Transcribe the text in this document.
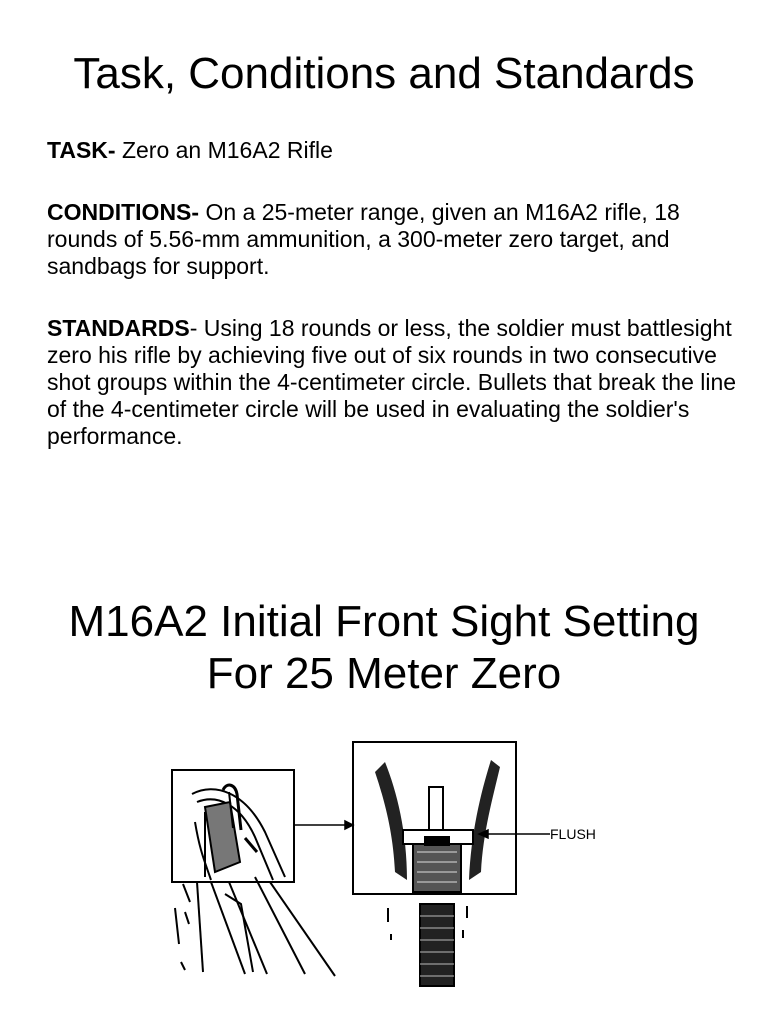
Task, Conditions and Standards

TASK- Zero an M16A2 Rifle

CONDITIONS- On a 25-meter range, given an M16A2 rifle, 18 rounds of 5.56-mm ammunition, a 300-meter zero target, and sandbags for support.

STANDARDS- Using 18 rounds or less, the soldier must battlesight zero his rifle by achieving five out of six rounds in two consecutive shot groups within the 4-centimeter circle. Bullets that break the line of the 4-centimeter circle will be used in evaluating the soldier's performance.

M16A2 Initial Front Sight Setting
For 25 Meter Zero
FLUSH
